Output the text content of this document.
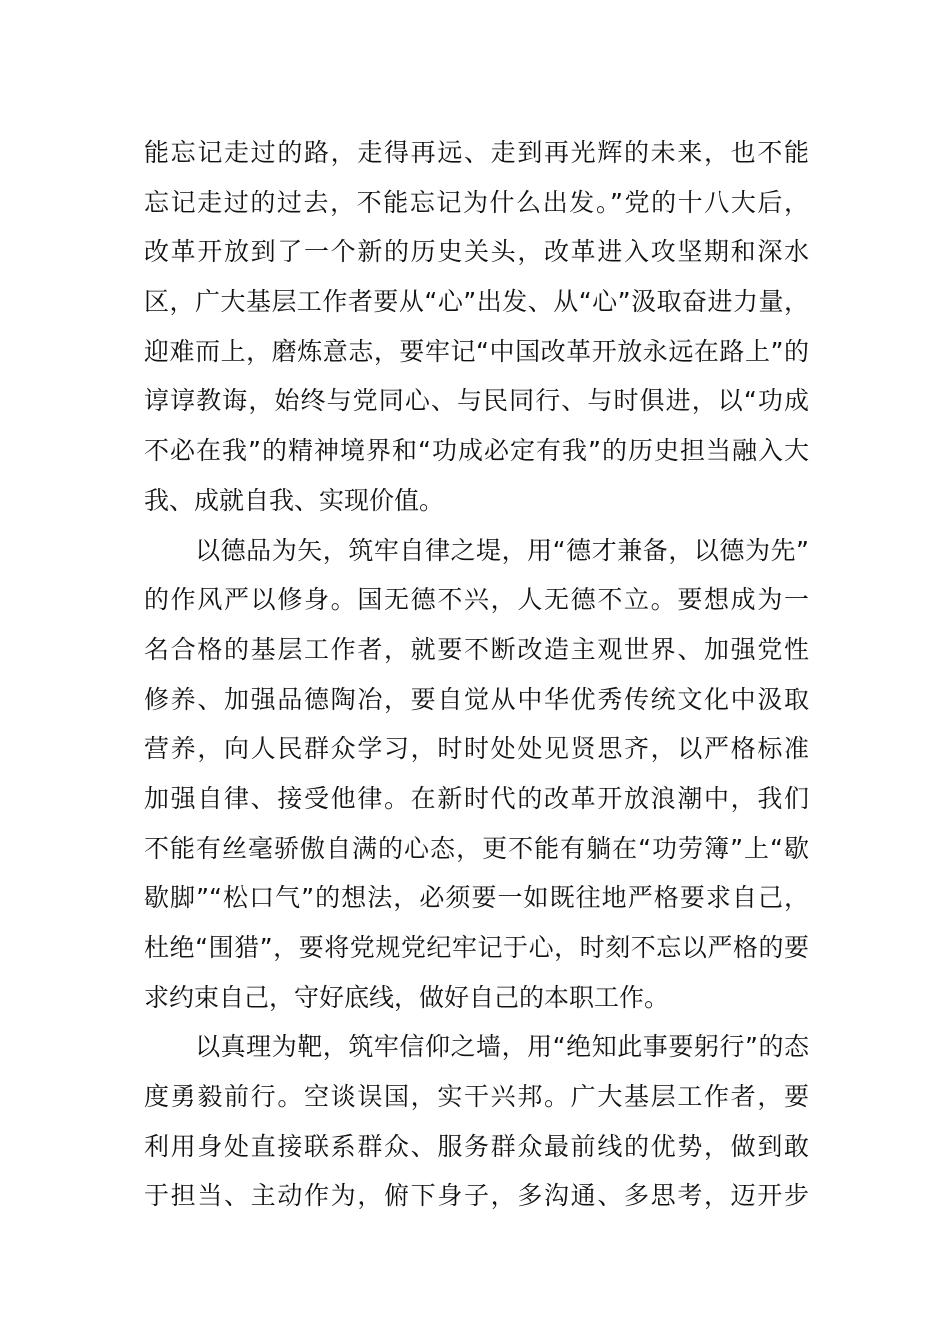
能忘记走过的路，走得再远、走到再光辉的未来，也不能
忘记走过的过去，不能忘记为什么出发。”党的十八大后，
改革开放到了一个新的历史关头，改革进入攻坚期和深水
区，广大基层工作者要从“心”出发、从“心”汲取奋进力量，
迎难而上，磨炼意志，要牢记“中国改革开放永远在路上”的
谆谆教诲，始终与党同心、与民同行、与时俱进，以“功成
不必在我”的精神境界和“功成必定有我”的历史担当融入大
我、成就自我、实现价值。
　　以德品为矢，筑牢自律之堤，用“德才兼备，以德为先”
的作风严以修身。国无德不兴，人无德不立。要想成为一
名合格的基层工作者，就要不断改造主观世界、加强党性
修养、加强品德陶冶，要自觉从中华优秀传统文化中汲取
营养，向人民群众学习，时时处处见贤思齐，以严格标准
加强自律、接受他律。在新时代的改革开放浪潮中，我们
不能有丝毫骄傲自满的心态，更不能有躺在“功劳簿”上“歇
歇脚”“松口气”的想法，必须要一如既往地严格要求自己，
杜绝“围猎”，要将党规党纪牢记于心，时刻不忘以严格的要
求约束自己，守好底线，做好自己的本职工作。
　　以真理为靶，筑牢信仰之墙，用“绝知此事要躬行”的态
度勇毅前行。空谈误国，实干兴邦。广大基层工作者，要
利用身处直接联系群众、服务群众最前线的优势，做到敢
于担当、主动作为，俯下身子，多沟通、多思考，迈开步
